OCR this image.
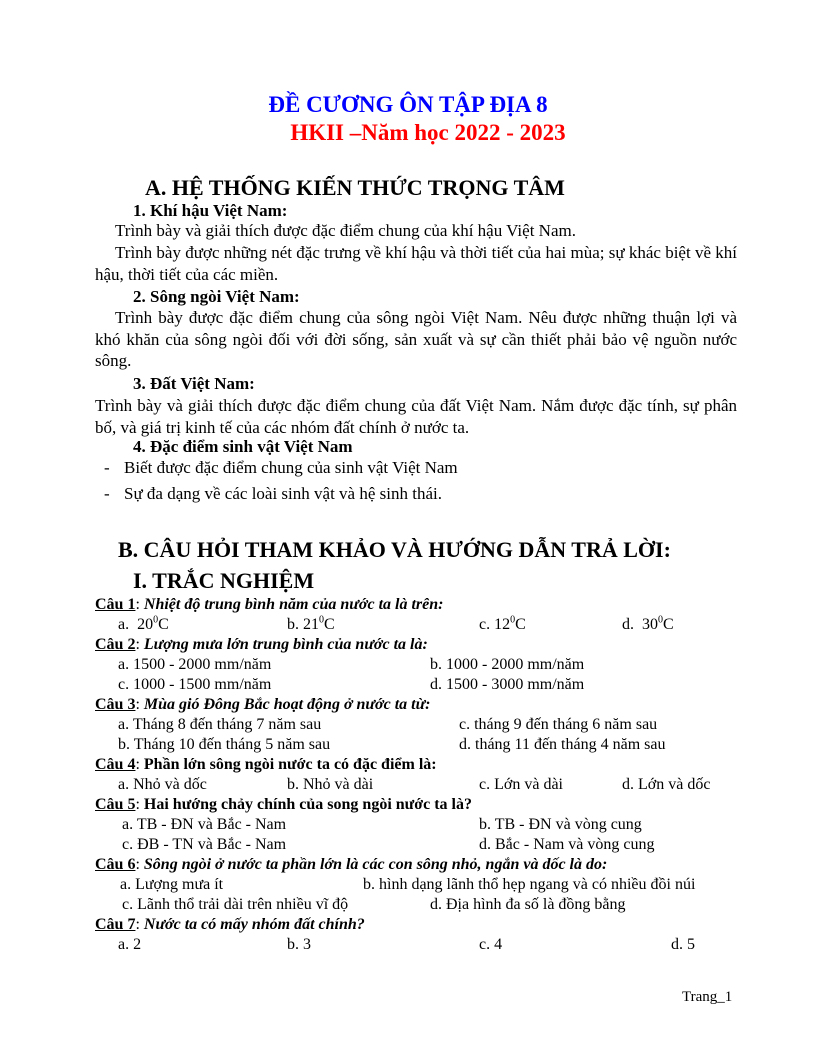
ĐỀ CƯƠNG ÔN TẬP ĐỊA 8
HKII –Năm học 2022 - 2023
A. HỆ THỐNG KIẾN THỨC TRỌNG TÂM
1. Khí hậu Việt Nam:
Trình bày và giải thích được đặc điểm chung của khí hậu Việt Nam.
Trình bày được những nét đặc trưng về khí hậu và thời tiết của hai mùa; sự khác biệt về khí hậu, thời tiết của các miền.
2. Sông ngòi Việt Nam:
Trình bày được đặc điểm chung của sông ngòi Việt Nam. Nêu được những thuận lợi và khó khăn của sông ngòi đối với đời sống, sản xuất và sự cần thiết phải bảo vệ nguồn nước sông.
3. Đất Việt Nam:
Trình bày và giải thích được đặc điểm chung của đất Việt Nam. Nắm được đặc tính, sự phân bố, và giá trị kinh tế của các nhóm đất chính ở nước ta.
4. Đặc điểm sinh vật Việt Nam
- Biết được đặc điểm chung của sinh vật Việt Nam
- Sự đa dạng về các loài sinh vật và hệ sinh thái.
B. CÂU HỎI THAM KHẢO VÀ HƯỚNG DẪN TRẢ LỜI:
I. TRẮC NGHIỆM
Câu 1: Nhiệt độ trung bình năm của nước ta là trên:
a. $20^0C$	b. $21^0C$	c. $12^0C$	d. $30^0C$
Câu 2: Lượng mưa lớn trung bình của nước ta là:
a. 1500 - 2000 mm/năm	b. 1000 - 2000 mm/năm
c. 1000 - 1500 mm/năm	d. 1500 - 3000 mm/năm
Câu 3: Mùa gió Đông Bắc hoạt động ở nước ta từ:
a. Tháng 8 đến tháng 7 năm sau	c. tháng 9 đến tháng 6 năm sau
b. Tháng 10 đến tháng 5 năm sau	d. tháng 11 đến tháng 4 năm sau
Câu 4: Phần lớn sông ngòi nước ta có đặc điểm là:
a. Nhỏ và dốc	b. Nhỏ và dài	c. Lớn và dài	d. Lớn và dốc
Câu 5: Hai hướng chảy chính của song ngòi nước ta là?
a. TB - ĐN và Bắc - Nam	b. TB - ĐN và vòng cung
c. ĐB - TN và Bắc - Nam	d. Bắc - Nam và vòng cung
Câu 6: Sông ngòi ở nước ta phần lớn là các con sông nhỏ, ngắn và dốc là do:
a. Lượng mưa ít	b. hình dạng lãnh thổ hẹp ngang và có nhiều đồi núi
c. Lãnh thổ trải dài trên nhiều vĩ độ	d. Địa hình đa số là đồng bằng
Câu 7: Nước ta có mấy nhóm đất chính?
a. 2	b. 3	c. 4	d. 5
Trang_1
